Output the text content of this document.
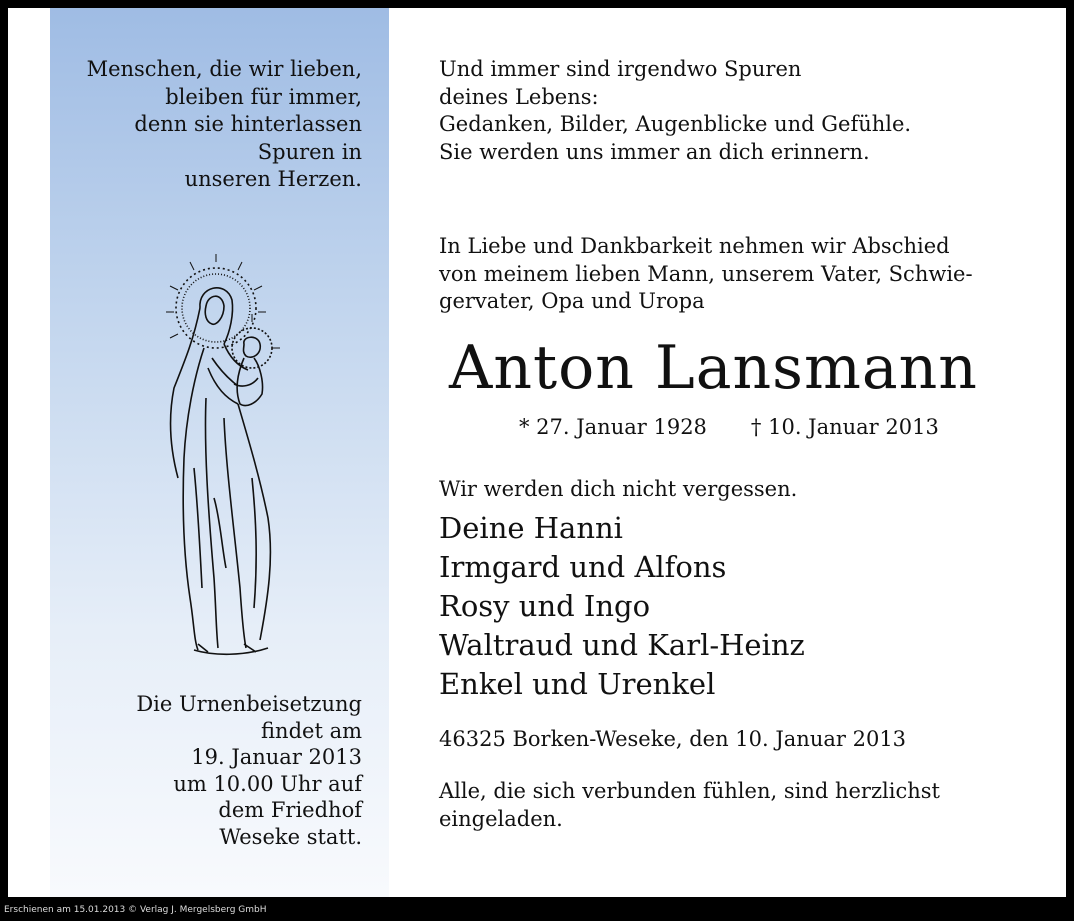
Menschen, die wir lieben,
bleiben für immer,
denn sie hinterlassen
Spuren in
unseren Herzen.
Die Urnenbeisetzung
findet am
19. Januar 2013
um 10.00 Uhr auf
dem Friedhof
Weseke statt.
Und immer sind irgendwo Spuren
deines Lebens:
Gedanken, Bilder, Augenblicke und Gefühle.
Sie werden uns immer an dich erinnern.
In Liebe und Dankbarkeit nehmen wir Abschied
von meinem lieben Mann, unserem Vater, Schwie-
gervater, Opa und Uropa
Anton Lansmann
* 27. Januar 1928 † 10. Januar 2013
Wir werden dich nicht vergessen.
Deine Hanni
Irmgard und Alfons
Rosy und Ingo
Waltraud und Karl-Heinz
Enkel und Urenkel
46325 Borken-Weseke, den 10. Januar 2013
Alle, die sich verbunden fühlen, sind herzlichst
eingeladen.
Erschienen am 15.01.2013 © Verlag J. Mergelsberg GmbH
